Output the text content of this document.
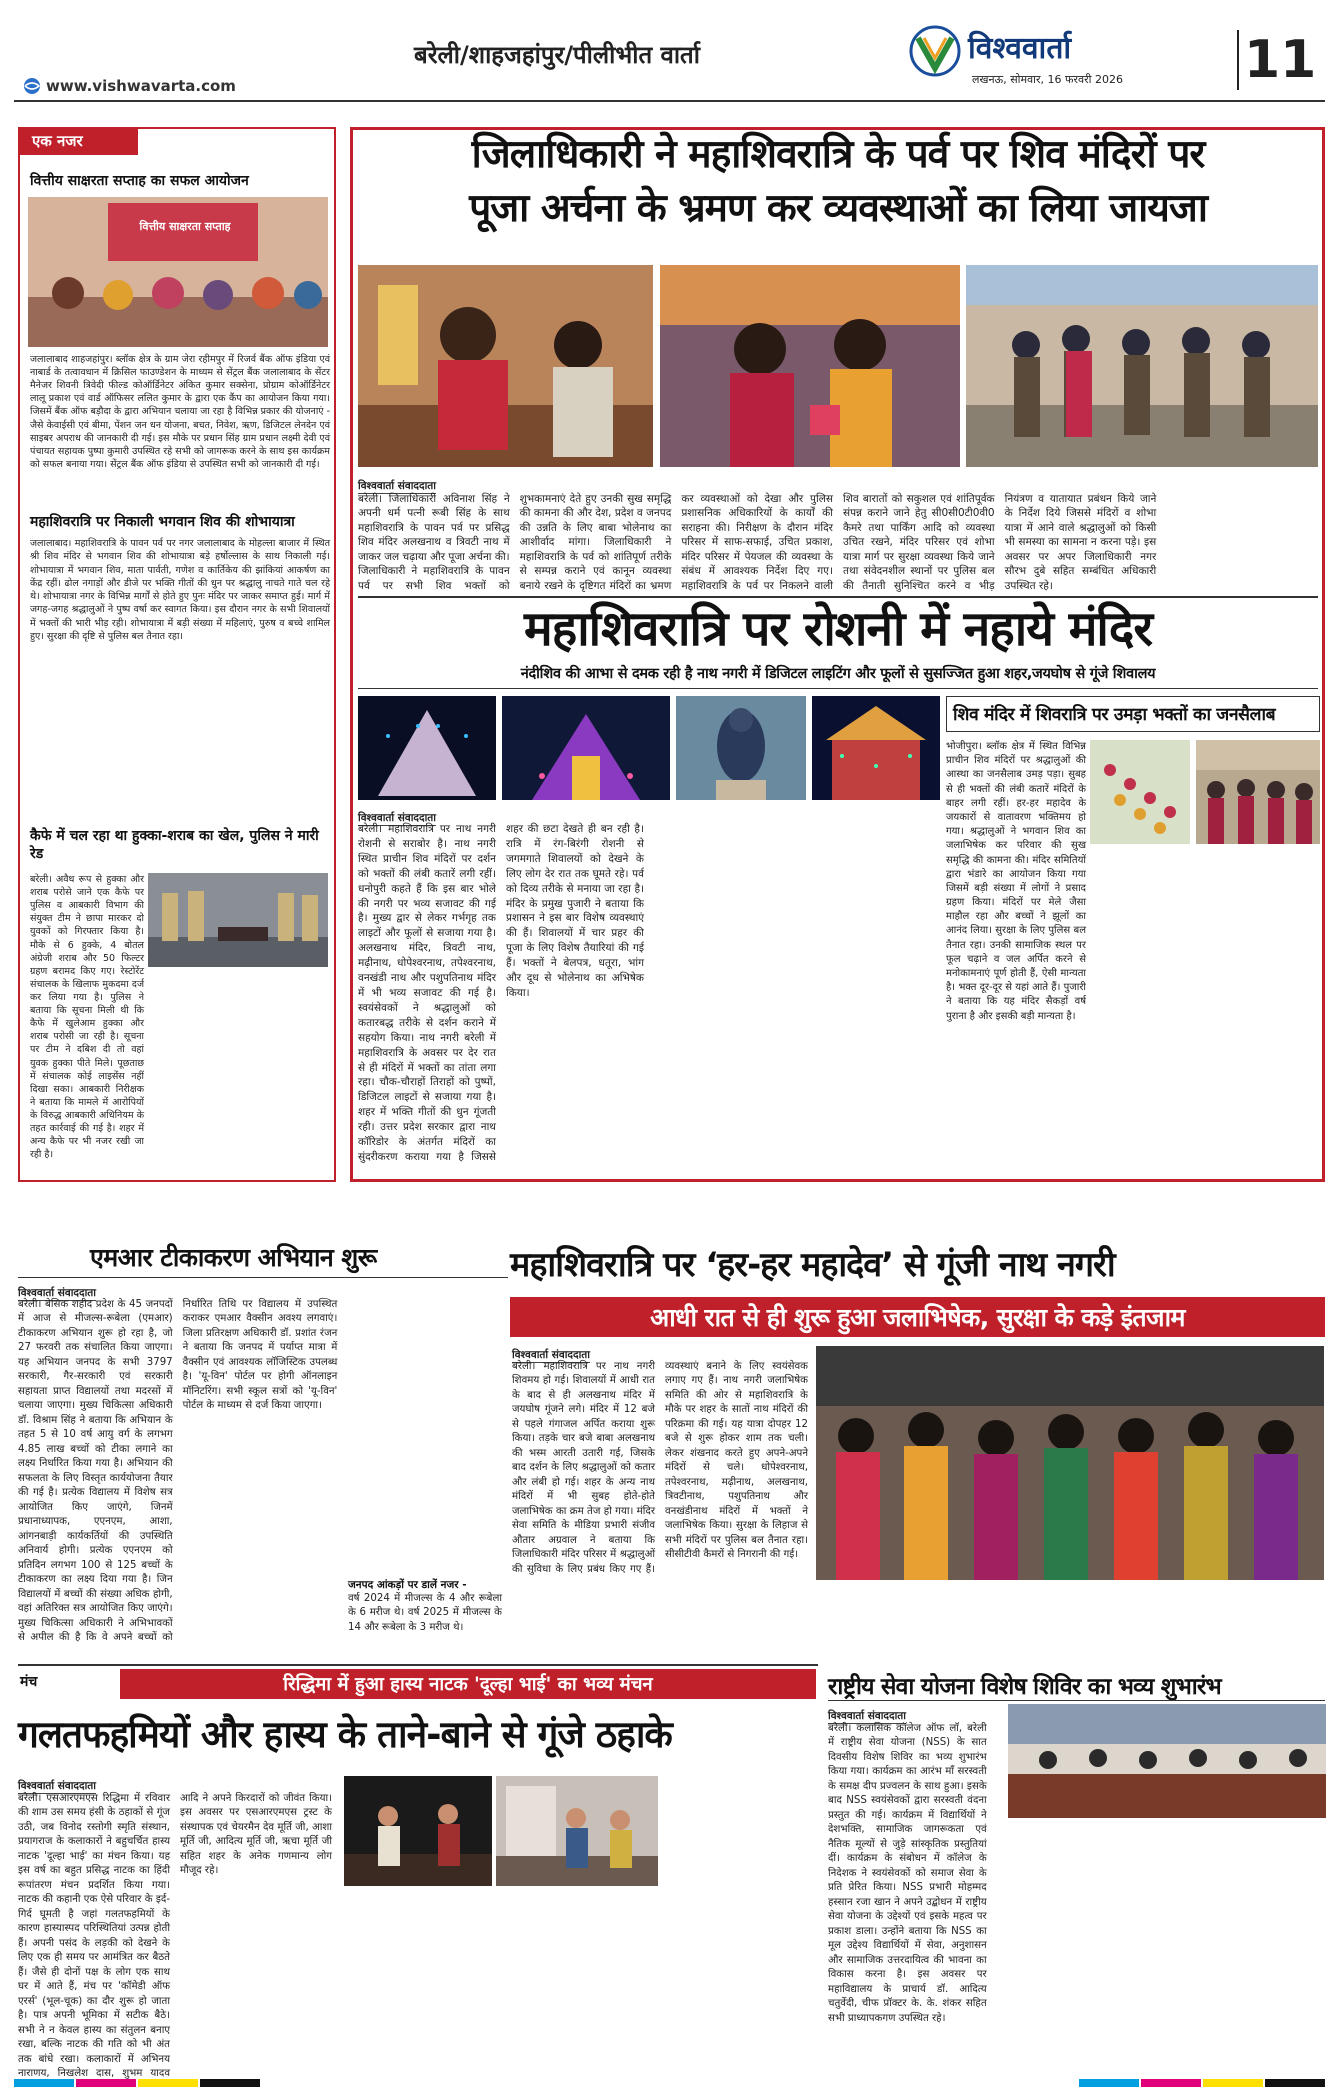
बरेली/शाहजहांपुर/पीलीभीत वार्ता	विश्ववार्ता
लखनऊ, सोमवार, 16 फरवरी 2026 11
www.vishwavarta.com
एक नजर
वित्तीय साक्षरता सप्ताह का सफल आयोजन
वित्तीय साक्षरता सप्ताह
जलालाबाद शाहजहांपुर। ब्लॉक क्षेत्र के ग्राम जेरा रहीमपुर में रिजर्व बैंक ऑफ इंडिया एवं नाबार्ड के तत्वावधान में क्रिसिल फाउण्डेशन के माध्यम से सेंट्रल बैंक जलालाबाद के सेंटर मैनेजर शिवनी त्रिवेदी फील्ड कोऑर्डिनेटर अंकित कुमार सक्सेना, प्रोग्राम कोऑर्डिनेटर लालू प्रकाश एवं वार्ड ऑफिसर ललित कुमार के द्वारा एक कैंप का आयोजन किया गया। जिसमें बैंक ऑफ बड़ौदा के द्वारा अभियान चलाया जा रहा है विभिन्न प्रकार की योजनाएं - जैसे केवाईसी एवं बीमा, पेंशन जन धन योजना, बचत, निवेश, ऋण, डिजिटल लेनदेन एवं साइबर अपराध की जानकारी दी गई। इस मौके पर प्रधान सिंह ग्राम प्रधान लक्ष्मी देवी एवं पंचायत सहायक पुष्पा कुमारी उपस्थित रहे सभी को जागरूक करने के साथ इस कार्यक्रम को सफल बनाया गया। सेंट्रल बैंक ऑफ इंडिया से उपस्थित सभी को जानकारी दी गई।
महाशिवरात्रि पर निकाली भगवान शिव की शोभायात्रा
जलालाबाद। महाशिवरात्रि के पावन पर्व पर नगर जलालाबाद के मोहल्ला बाजार में स्थित श्री शिव मंदिर से भगवान शिव की शोभायात्रा बड़े हर्षोल्लास के साथ निकाली गई। शोभायात्रा में भगवान शिव, माता पार्वती, गणेश व कार्तिकेय की झांकियां आकर्षण का केंद्र रहीं। ढोल नगाड़ों और डीजे पर भक्ति गीतों की धुन पर श्रद्धालु नाचते गाते चल रहे थे। शोभायात्रा नगर के विभिन्न मार्गों से होते हुए पुनः मंदिर पर जाकर समाप्त हुई। मार्ग में जगह-जगह श्रद्धालुओं ने पुष्प वर्षा कर स्वागत किया। इस दौरान नगर के सभी शिवालयों में भक्तों की भारी भीड़ रही। शोभायात्रा में बड़ी संख्या में महिलाएं, पुरुष व बच्चे शामिल हुए। सुरक्षा की दृष्टि से पुलिस बल तैनात रहा।
कैफे में चल रहा था हुक्का-शराब का खेल, पुलिस ने मारी रेड
बरेली। अवैध रूप से हुक्का और शराब परोसे जाने एक कैफे पर पुलिस व आबकारी विभाग की संयुक्त टीम ने छापा मारकर दो युवकों को गिरफ्तार किया है। मौके से 6 हुक्के, 4 बोतल अंग्रेजी शराब और 50 फिल्टर ग्रहण बरामद किए गए। रेस्टोरेंट संचालक के खिलाफ मुकदमा दर्ज कर लिया गया है। पुलिस ने बताया कि सूचना मिली थी कि कैफे में खुलेआम हुक्का और शराब परोसी जा रही है। सूचना पर टीम ने दबिश दी तो वहां युवक हुक्का पीते मिले। पूछताछ में संचालक कोई लाइसेंस नहीं दिखा सका। आबकारी निरीक्षक ने बताया कि मामले में आरोपियों के विरुद्ध आबकारी अधिनियम के तहत कार्रवाई की गई है। शहर में अन्य कैफे पर भी नजर रखी जा रही है।
जिलाधिकारी ने महाशिवरात्रि के पर्व पर शिव मंदिरों पर
पूजा अर्चना के भ्रमण कर व्यवस्थाओं का लिया जायजा
विश्ववार्ता संवाददाता
बरेली। जिलाधिकारी अविनाश सिंह ने अपनी धर्म पत्नी रूबी सिंह के साथ महाशिवरात्रि के पावन पर्व पर प्रसिद्ध शिव मंदिर अलखनाथ व त्रिवटी नाथ में जाकर जल चढ़ाया और पूजा अर्चना की। जिलाधिकारी ने महाशिवरात्रि के पावन पर्व पर सभी शिव भक्तों को शुभकामनाएं देते हुए उनकी सुख समृद्धि की कामना की और देश, प्रदेश व जनपद की उन्नति के लिए बाबा भोलेनाथ का आशीर्वाद मांगा। जिलाधिकारी ने महाशिवरात्रि के पर्व को शांतिपूर्ण तरीके से सम्पन्न कराने एवं कानून व्यवस्था बनाये रखने के दृष्टिगत मंदिरों का भ्रमण कर व्यवस्थाओं को देखा और पुलिस प्रशासनिक अधिकारियों के कार्यों की सराहना की। निरीक्षण के दौरान मंदिर परिसर में साफ-सफाई, उचित प्रकाश, मंदिर परिसर में पेयजल की व्यवस्था के संबंध में आवश्यक निर्देश दिए गए। महाशिवरात्रि के पर्व पर निकलने वाली शिव बारातों को सकुशल एवं शांतिपूर्वक संपन्न कराने जाने हेतु सी0सी0टी0वी0 कैमरे तथा पार्किंग आदि को व्यवस्था उचित रखने, मंदिर परिसर एवं शोभा यात्रा मार्ग पर सुरक्षा व्यवस्था किये जाने तथा संवेदनशील स्थानों पर पुलिस बल की तैनाती सुनिश्चित करने व भीड़ नियंत्रण व यातायात प्रबंधन किये जाने के निर्देश दिये जिससे मंदिरों व शोभा यात्रा में आने वाले श्रद्धालुओं को किसी भी समस्या का सामना न करना पड़े। इस अवसर पर अपर जिलाधिकारी नगर सौरभ दुबे सहित सम्बंधित अधिकारी उपस्थित रहे।
महाशिवरात्रि पर रोशनी में नहाये मंदिर
नंदीशिव की आभा से दमक रही है नाथ नगरी में डिजिटल लाइटिंग और फूलों से सुसज्जित हुआ शहर,जयघोष से गूंजे शिवालय
विश्ववार्ता संवाददाता
बरेली। महाशिवरात्रि पर नाथ नगरी रोशनी से सराबोर है। नाथ नगरी स्थित प्राचीन शिव मंदिरों पर दर्शन को भक्तों की लंबी कतारें लगी रहीं। धनोपुरी कहते हैं कि इस बार भोले की नगरी पर भव्य सजावट की गई है। मुख्य द्वार से लेकर गर्भगृह तक लाइटों और फूलों से सजाया गया है। अलखनाथ मंदिर, त्रिवटी नाथ, मढ़ीनाथ, धोपेश्वरनाथ, तपेश्वरनाथ, वनखंडी नाथ और पशुपतिनाथ मंदिर में भी भव्य सजावट की गई है। स्वयंसेवकों ने श्रद्धालुओं को कतारबद्ध तरीके से दर्शन कराने में सहयोग किया। नाथ नगरी बरेली में महाशिवरात्रि के अवसर पर देर रात से ही मंदिरों में भक्तों का तांता लगा रहा। चौक-चौराहों तिराहों को पुष्पों, डिजिटल लाइटों से सजाया गया है। शहर में भक्ति गीतों की धुन गूंजती रही। उत्तर प्रदेश सरकार द्वारा नाथ कॉरिडोर के अंतर्गत मंदिरों का सुंदरीकरण कराया गया है जिससे शहर की छटा देखते ही बन रही है। रात्रि में रंग-बिरंगी रोशनी से जगमगाते शिवालयों को देखने के लिए लोग देर रात तक घूमते रहे। पर्व को दिव्य तरीके से मनाया जा रहा है। मंदिर के प्रमुख पुजारी ने बताया कि प्रशासन ने इस बार विशेष व्यवस्थाएं की हैं। शिवालयों में चार प्रहर की पूजा के लिए विशेष तैयारियां की गई हैं। भक्तों ने बेलपत्र, धतूरा, भांग और दूध से भोलेनाथ का अभिषेक किया।
शिव मंदिर में शिवरात्रि पर उमड़ा भक्तों का जनसैलाब
भोजीपुरा। ब्लॉक क्षेत्र में स्थित विभिन्न प्राचीन शिव मंदिरों पर श्रद्धालुओं की आस्था का जनसैलाब उमड़ पड़ा। सुबह से ही भक्तों की लंबी कतारें मंदिरों के बाहर लगी रहीं। हर-हर महादेव के जयकारों से वातावरण भक्तिमय हो गया। श्रद्धालुओं ने भगवान शिव का जलाभिषेक कर परिवार की सुख समृद्धि की कामना की। मंदिर समितियों द्वारा भंडारे का आयोजन किया गया जिसमें बड़ी संख्या में लोगों ने प्रसाद ग्रहण किया। मंदिरों पर मेले जैसा माहौल रहा और बच्चों ने झूलों का आनंद लिया। सुरक्षा के लिए पुलिस बल तैनात रहा। उनकी सामाजिक स्थल पर फूल चढ़ाने व जल अर्पित करने से मनोकामनाएं पूर्ण होती हैं, ऐसी मान्यता है। भक्त दूर-दूर से यहां आते हैं। पुजारी ने बताया कि यह मंदिर सैकड़ों वर्ष पुराना है और इसकी बड़ी मान्यता है।
एमआर टीकाकरण अभियान शुरू
विश्ववार्ता संवाददाता
बरेली। बेसिक शहीद प्रदेश के 45 जनपदों में आज से मीजल्स-रूबेला (एमआर) टीकाकरण अभियान शुरू हो रहा है, जो 27 फरवरी तक संचालित किया जाएगा। यह अभियान जनपद के सभी 3797 सरकारी, गैर-सरकारी एवं सरकारी सहायता प्राप्त विद्यालयों तथा मदरसों में चलाया जाएगा। मुख्य चिकित्सा अधिकारी डॉ. विश्राम सिंह ने बताया कि अभियान के तहत 5 से 10 वर्ष आयु वर्ग के लगभग 4.85 लाख बच्चों को टीका लगाने का लक्ष्य निर्धारित किया गया है। अभियान की सफलता के लिए विस्तृत कार्ययोजना तैयार की गई है। प्रत्येक विद्यालय में विशेष सत्र आयोजित किए जाएंगे, जिनमें प्रधानाध्यापक, एएनएम, आशा, आंगनबाड़ी कार्यकर्तियों की उपस्थिति अनिवार्य होगी। प्रत्येक एएनएम को प्रतिदिन लगभग 100 से 125 बच्चों के टीकाकरण का लक्ष्य दिया गया है। जिन विद्यालयों में बच्चों की संख्या अधिक होगी, वहां अतिरिक्त सत्र आयोजित किए जाएंगे। मुख्य चिकित्सा अधिकारी ने अभिभावकों से अपील की है कि वे अपने बच्चों को निर्धारित तिथि पर विद्यालय में उपस्थित कराकर एमआर वैक्सीन अवश्य लगवाएं। जिला प्रतिरक्षण अधिकारी डॉ. प्रशांत रंजन ने बताया कि जनपद में पर्याप्त मात्रा में वैक्सीन एवं आवश्यक लॉजिस्टिक उपलब्ध है। 'यू-विन' पोर्टल पर होगी ऑनलाइन मॉनिटरिंग। सभी स्कूल सत्रों को 'यू-विन' पोर्टल के माध्यम से दर्ज किया जाएगा।
जनपद आंकड़ों पर डालें नजर -
वर्ष 2024 में मीजल्स के 4 और रूबेला के 6 मरीज थे। वर्ष 2025 में मीजल्स के 14 और रूबेला के 3 मरीज थे।
महाशिवरात्रि पर ‘हर-हर महादेव’ से गूंजी नाथ नगरी
आधी रात से ही शुरू हुआ जलाभिषेक, सुरक्षा के कड़े इंतजाम
विश्ववार्ता संवाददाता
बरेली। महाशिवरात्रि पर नाथ नगरी शिवमय हो गई। शिवालयों में आधी रात के बाद से ही अलखनाथ मंदिर में जयघोष गूंजने लगे। मंदिर में 12 बजे से पहले गंगाजल अर्पित कराया शुरू किया। तड़के चार बजे बाबा अलखनाथ की भस्म आरती उतारी गई, जिसके बाद दर्शन के लिए श्रद्धालुओं को कतार और लंबी हो गई। शहर के अन्य नाथ मंदिरों में भी सुबह होते-होते जलाभिषेक का क्रम तेज हो गया। मंदिर सेवा समिति के मीडिया प्रभारी संजीव औतार अग्रवाल ने बताया कि जिलाधिकारी मंदिर परिसर में श्रद्धालुओं की सुविधा के लिए प्रबंध किए गए हैं। व्यवस्थाएं बनाने के लिए स्वयंसेवक लगाए गए हैं। नाथ नगरी जलाभिषेक समिति की ओर से महाशिवरात्रि के मौके पर शहर के सातों नाथ मंदिरों की परिक्रमा की गई। यह यात्रा दोपहर 12 बजे से शुरू होकर शाम तक चली। लेकर शंखनाद करते हुए अपने-अपने मंदिरों से चले। धोपेश्वरनाथ, तपेश्वरनाथ, मढ़ीनाथ, अलखनाथ, त्रिवटीनाथ, पशुपतिनाथ और वनखंडीनाथ मंदिरों में भक्तों ने जलाभिषेक किया। सुरक्षा के लिहाज से सभी मंदिरों पर पुलिस बल तैनात रहा। सीसीटीवी कैमरों से निगरानी की गई।
मंच	रिद्धिमा में हुआ हास्य नाटक 'दूल्हा भाई' का भव्य मंचन
गलतफहमियों और हास्य के ताने-बाने से गूंजे ठहाके
विश्ववार्ता संवाददाता
बरेली। एसआरएमएस रिद्धिमा में रविवार की शाम उस समय हंसी के ठहाकों से गूंज उठी, जब विनोद रस्तोगी स्मृति संस्थान, प्रयागराज के कलाकारों ने बहुचर्चित हास्य नाटक 'दूल्हा भाई' का मंचन किया। यह इस वर्ष का बहुत प्रसिद्ध नाटक का हिंदी रूपांतरण मंचन प्रदर्शित किया गया। नाटक की कहानी एक ऐसे परिवार के इर्द-गिर्द घूमती है जहां गलतफहमियों के कारण हास्यास्पद परिस्थितियां उत्पन्न होती हैं। अपनी पसंद के लड़की को देखने के लिए एक ही समय पर आमंत्रित कर बैठते हैं। जैसे ही दोनों पक्ष के लोग एक साथ घर में आते हैं, मंच पर 'कॉमेडी ऑफ एरर्स' (भूल-चूक) का दौर शुरू हो जाता है। पात्र अपनी भूमिका में सटीक बैठे। सभी ने न केवल हास्य का संतुलन बनाए रखा, बल्कि नाटक की गति को भी अंत तक बांधे रखा। कलाकारों में अभिनय नाराणय, निखलेश दास, शुभम यादव आदि ने अपने किरदारों को जीवंत किया। इस अवसर पर एसआरएमएस ट्रस्ट के संस्थापक एवं चेयरमैन देव मूर्ति जी, आशा मूर्ति जी, आदित्य मूर्ति जी, ऋचा मूर्ति जी सहित शहर के अनेक गणमान्य लोग मौजूद रहे।
राष्ट्रीय सेवा योजना विशेष शिविर का भव्य शुभारंभ
विश्ववार्ता संवाददाता
बरेली। कलासिक कॉलेज ऑफ लॉ, बरेली में राष्ट्रीय सेवा योजना (NSS) के सात दिवसीय विशेष शिविर का भव्य शुभारंभ किया गया। कार्यक्रम का आरंभ माँ सरस्वती के समक्ष दीप प्रज्वलन के साथ हुआ। इसके बाद NSS स्वयंसेवकों द्वारा सरस्वती वंदना प्रस्तुत की गई। कार्यक्रम में विद्यार्थियों ने देशभक्ति, सामाजिक जागरूकता एवं नैतिक मूल्यों से जुड़े सांस्कृतिक प्रस्तुतियां दीं। कार्यक्रम के संबोधन में कॉलेज के निदेशक ने स्वयंसेवकों को समाज सेवा के प्रति प्रेरित किया। NSS प्रभारी मोहम्मद हस्सान रजा खान ने अपने उद्बोधन में राष्ट्रीय सेवा योजना के उद्देश्यों एवं इसके महत्व पर प्रकाश डाला। उन्होंने बताया कि NSS का मूल उद्देश्य विद्यार्थियों में सेवा, अनुशासन और सामाजिक उत्तरदायित्व की भावना का विकास करना है। इस अवसर पर महाविद्यालय के प्राचार्य डॉ. आदित्य चतुर्वेदी, चीफ प्रॉक्टर के. के. शंकर सहित सभी प्राध्यापकगण उपस्थित रहे।
